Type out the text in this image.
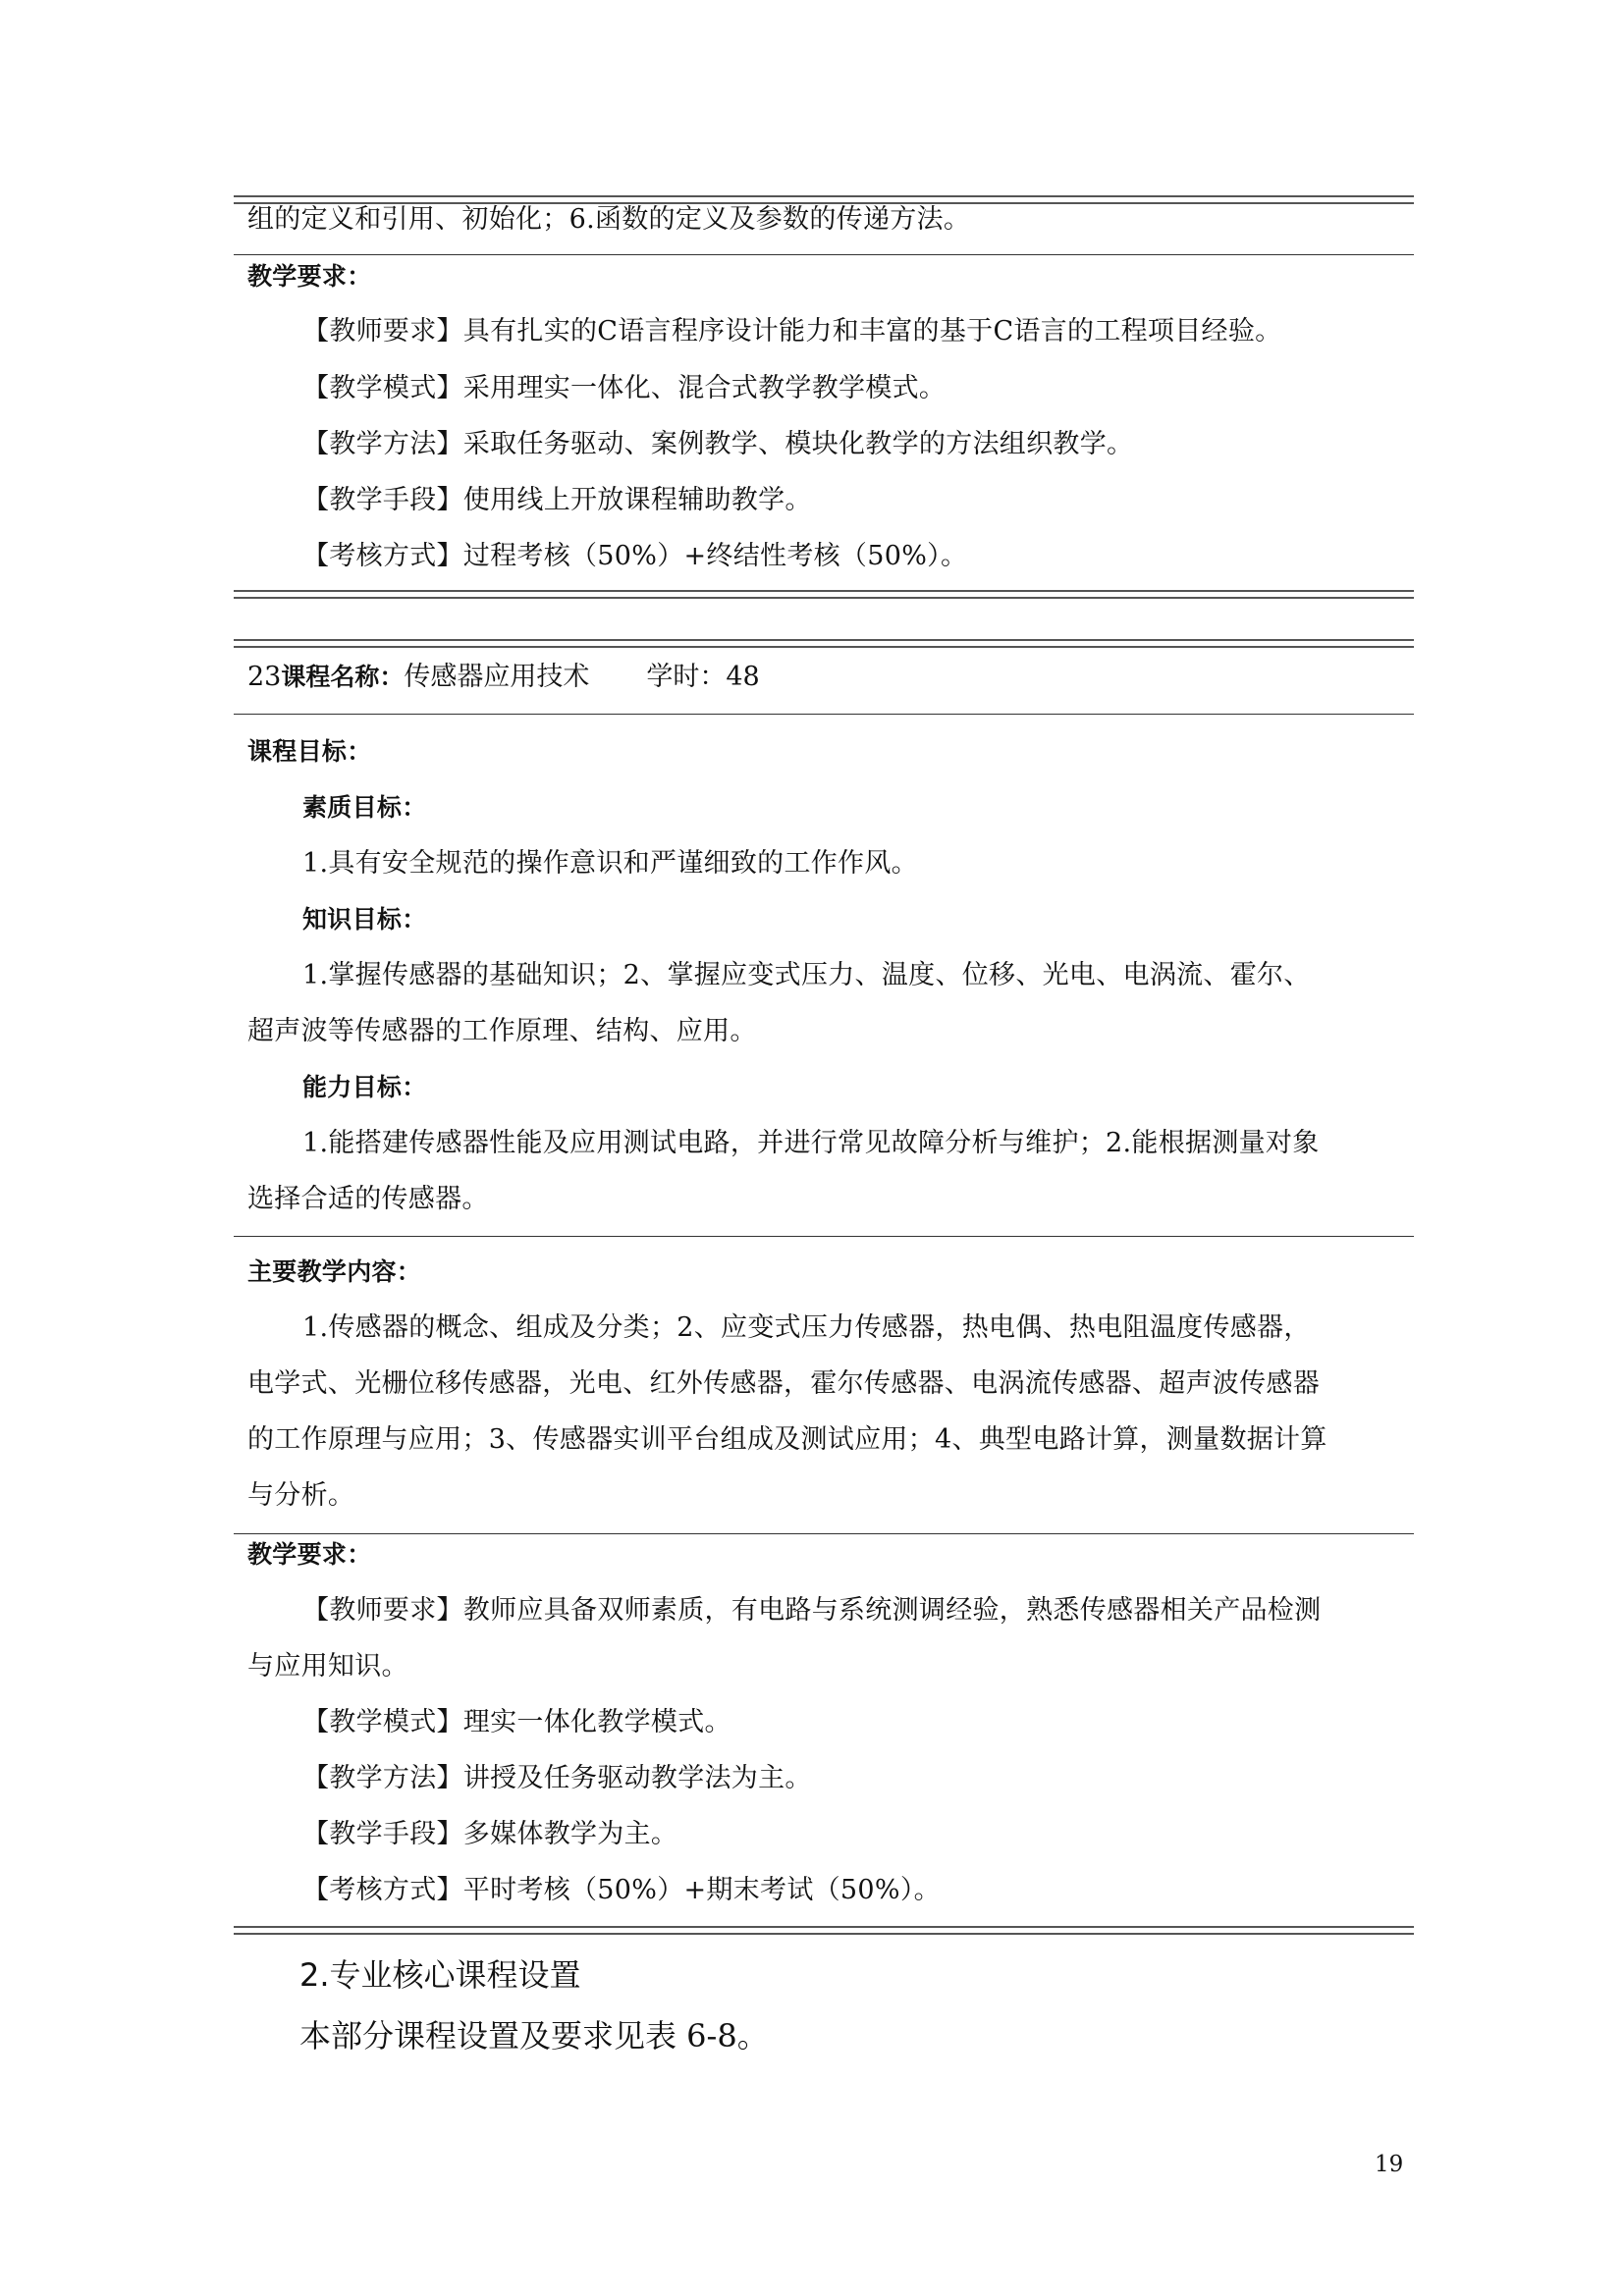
组的定义和引用、初始化；6.函数的定义及参数的传递方法。
教学要求：
【教师要求】具有扎实的C语言程序设计能力和丰富的基于C语言的工程项目经验。
【教学模式】采用理实一体化、混合式教学教学模式。
【教学方法】采取任务驱动、案例教学、模块化教学的方法组织教学。
【教学手段】使用线上开放课程辅助教学。
【考核方式】过程考核（50%）+终结性考核（50%）。
23课程名称：传感器应用技术 学时：48
课程目标：
素质目标：
1.具有安全规范的操作意识和严谨细致的工作作风。
知识目标：
1.掌握传感器的基础知识；2、掌握应变式压力、温度、位移、光电、电涡流、霍尔、
超声波等传感器的工作原理、结构、应用。
能力目标：
1.能搭建传感器性能及应用测试电路，并进行常见故障分析与维护；2.能根据测量对象
选择合适的传感器。
主要教学内容：
1.传感器的概念、组成及分类；2、应变式压力传感器，热电偶、热电阻温度传感器，
电学式、光栅位移传感器，光电、红外传感器，霍尔传感器、电涡流传感器、超声波传感器
的工作原理与应用；3、传感器实训平台组成及测试应用；4、典型电路计算，测量数据计算
与分析。
教学要求：
【教师要求】教师应具备双师素质，有电路与系统测调经验，熟悉传感器相关产品检测
与应用知识。
【教学模式】理实一体化教学模式。
【教学方法】讲授及任务驱动教学法为主。
【教学手段】多媒体教学为主。
【考核方式】平时考核（50%）+期末考试（50%）。
2.专业核心课程设置
本部分课程设置及要求见表 6-8。
19
